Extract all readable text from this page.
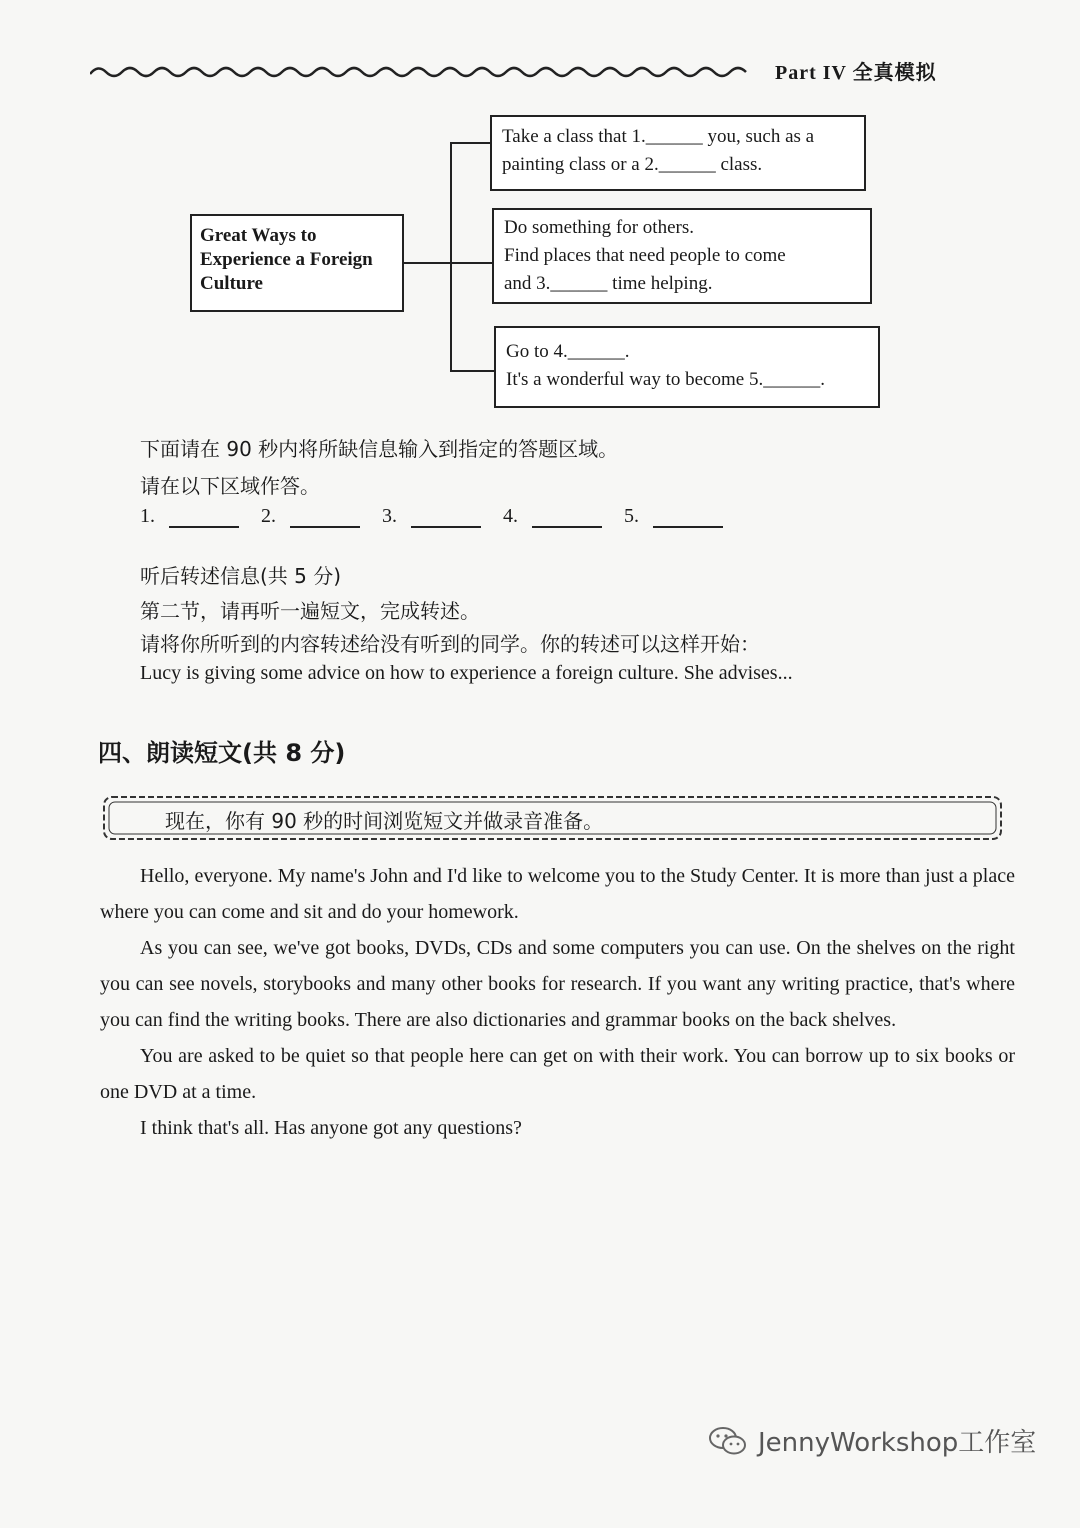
Part IV 全真模拟
Great Ways to
Experience a Foreign
Culture
Take a class that 1.______ you, such as a
painting class or a 2.______ class.
Do something for others.
Find places that need people to come
and 3.______ time helping.
Go to 4.______.
It's a wonderful way to become 5.______.
下面请在 90 秒内将所缺信息输入到指定的答题区域。
请在以下区域作答。
1.	2.	3.	4.	5.
听后转述信息(共 5 分)
第二节，请再听一遍短文，完成转述。
请将你所听到的内容转述给没有听到的同学。你的转述可以这样开始：
Lucy is giving some advice on how to experience a foreign culture. She advises...
四、朗读短文(共 8 分)
现在，你有 90 秒的时间浏览短文并做录音准备。

Hello, everyone. My name's John and I'd like to welcome you to the Study Center. It is more than just a place where you can come and sit and do your homework.

As you can see, we've got books, DVDs, CDs and some computers you can use. On the shelves on the right you can see novels, storybooks and many other books for research. If you want any writing practice, that's where you can find the writing books. There are also dictionaries and grammar books on the back shelves.

You are asked to be quiet so that people here can get on with their work. You can borrow up to six books or one DVD at a time.

I think that's all. Has anyone got any questions?

JennyWorkshop工作室
